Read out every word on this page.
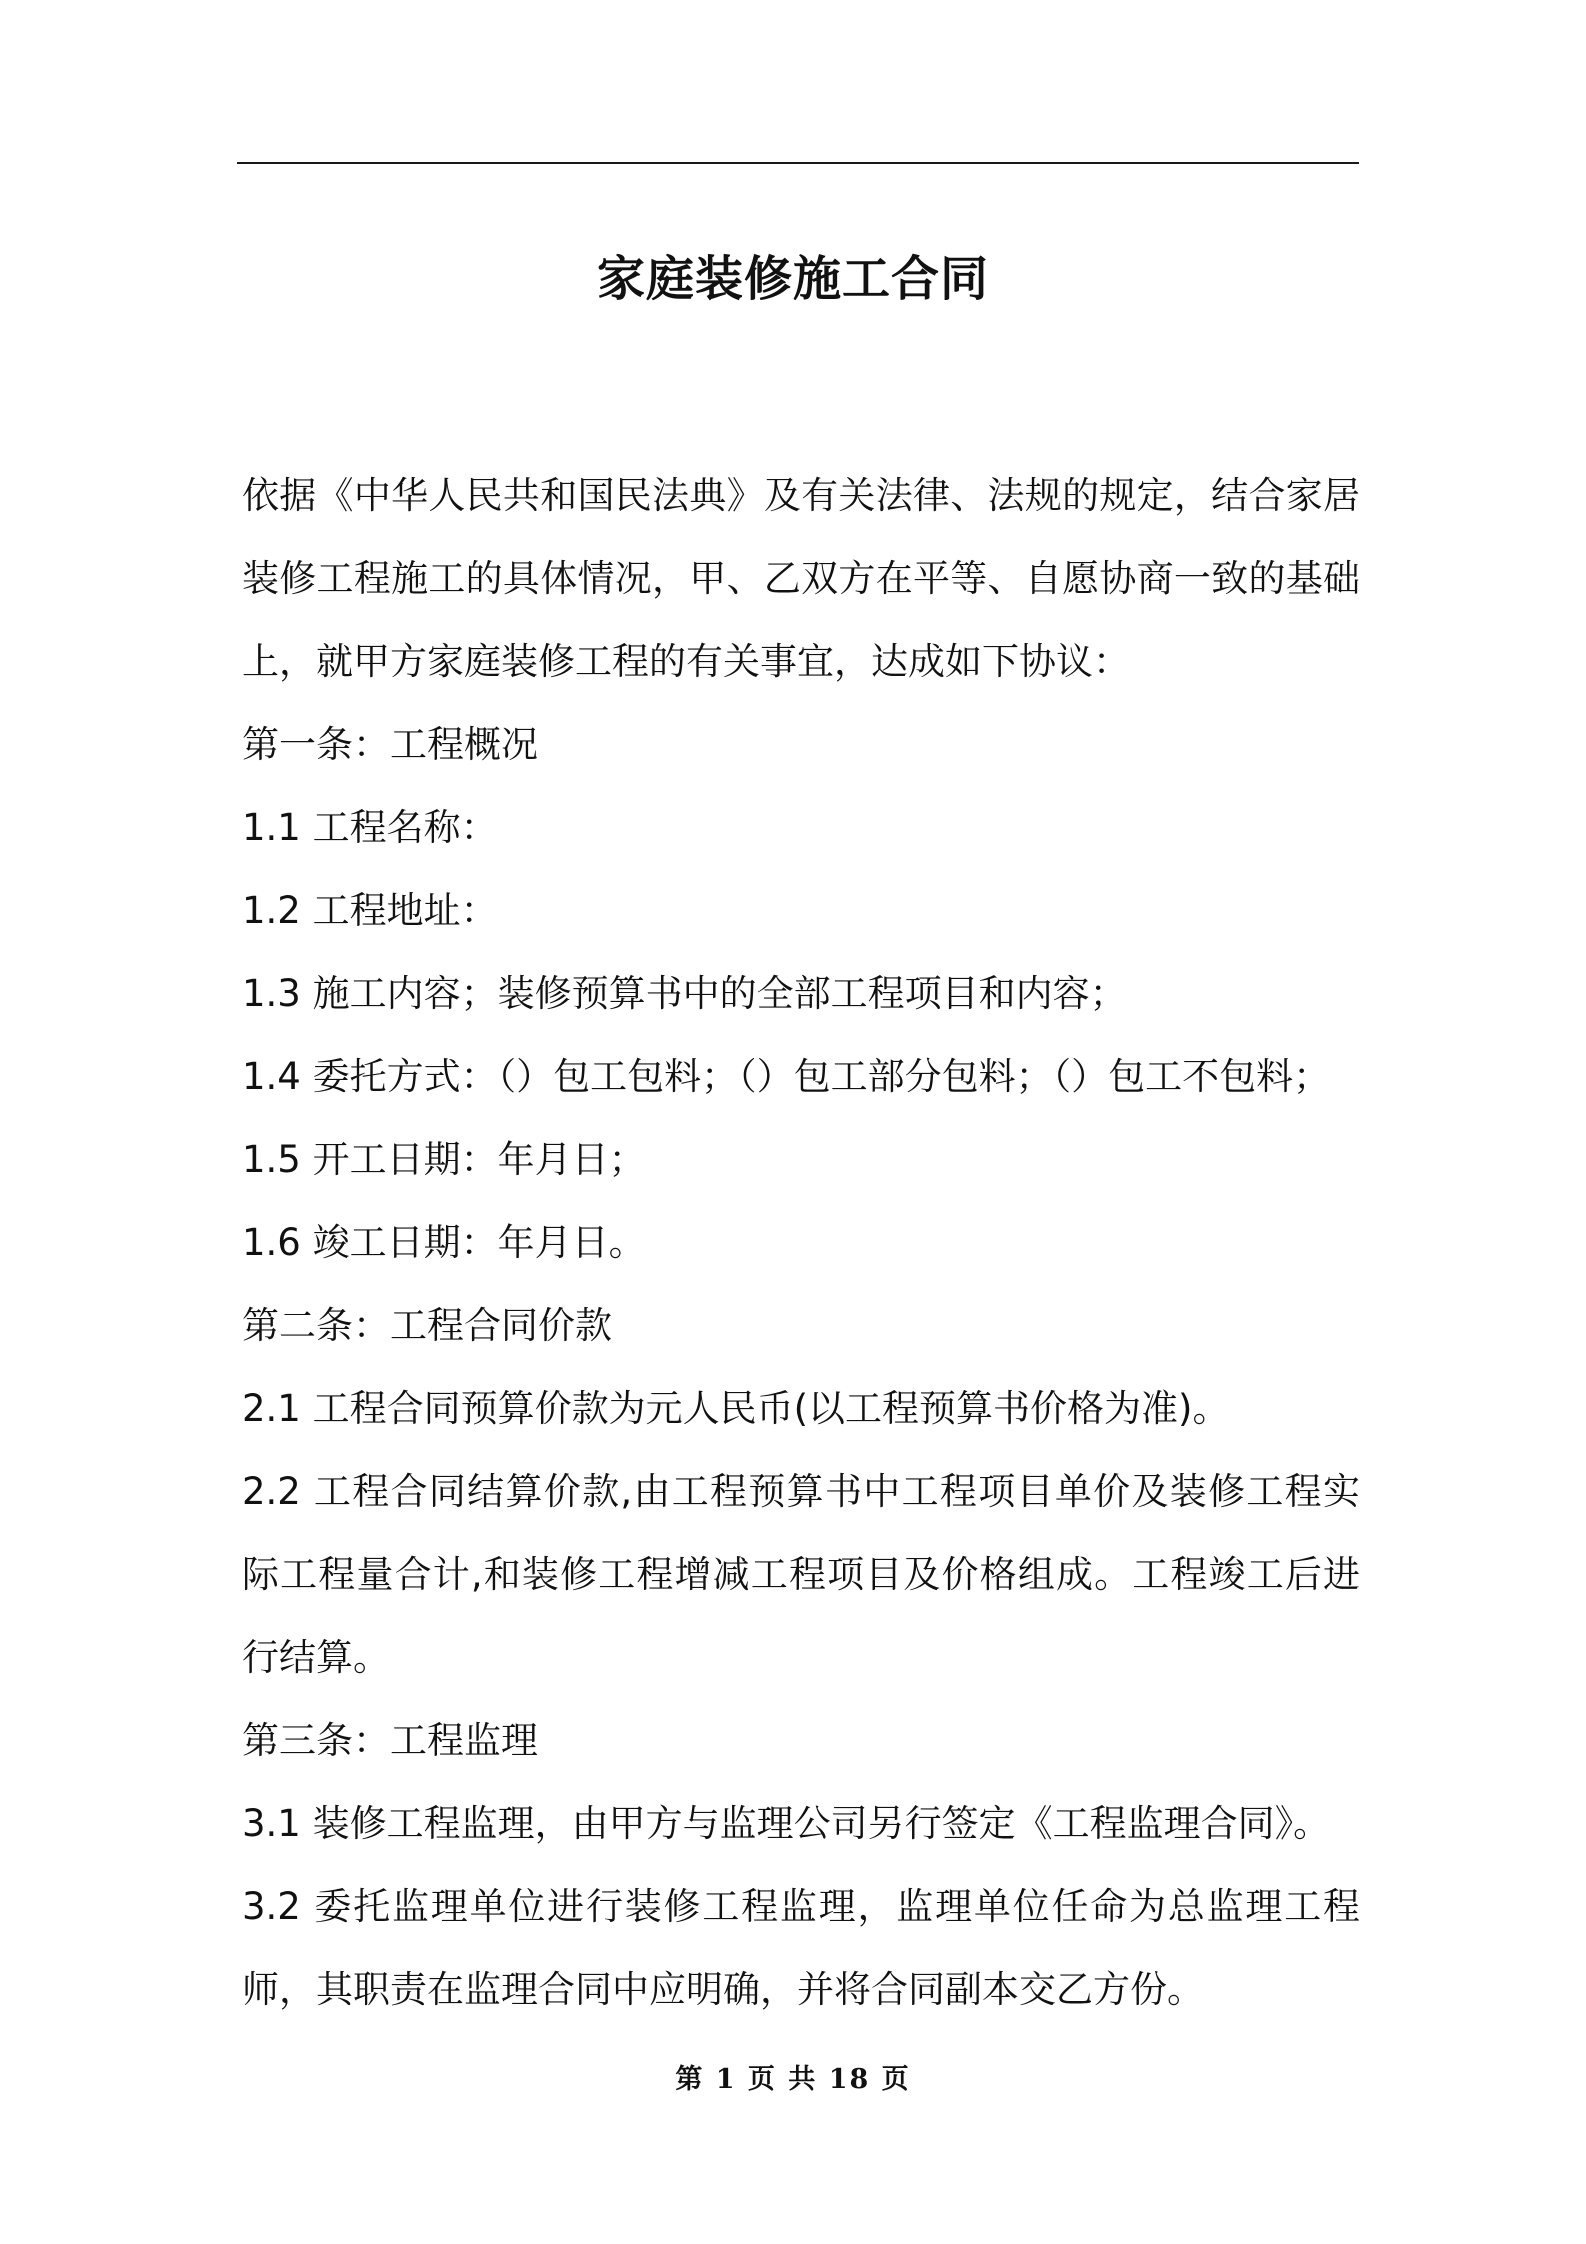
家庭装修施工合同

依据《中华人民共和国民法典》及有关法律、法规的规定，结合家居装修工程施工的具体情况，甲、乙双方在平等、自愿协商一致的基础上，就甲方家庭装修工程的有关事宜，达成如下协议：

第一条：工程概况

1.1 工程名称：

1.2 工程地址：

1.3 施工内容；装修预算书中的全部工程项目和内容；

1.4 委托方式：（）包工包料；（）包工部分包料；（）包工不包料；

1.5 开工日期：年月日；

1.6 竣工日期：年月日。

第二条：工程合同价款

2.1 工程合同预算价款为元人民币(以工程预算书价格为准)。

2.2 工程合同结算价款,由工程预算书中工程项目单价及装修工程实际工程量合计,和装修工程增减工程项目及价格组成。工程竣工后进行结算。

第三条：工程监理

3.1 装修工程监理，由甲方与监理公司另行签定《工程监理合同》。

3.2 委托监理单位进行装修工程监理，监理单位任命为总监理工程师，其职责在监理合同中应明确，并将合同副本交乙方份。

第 1 页 共 18 页
